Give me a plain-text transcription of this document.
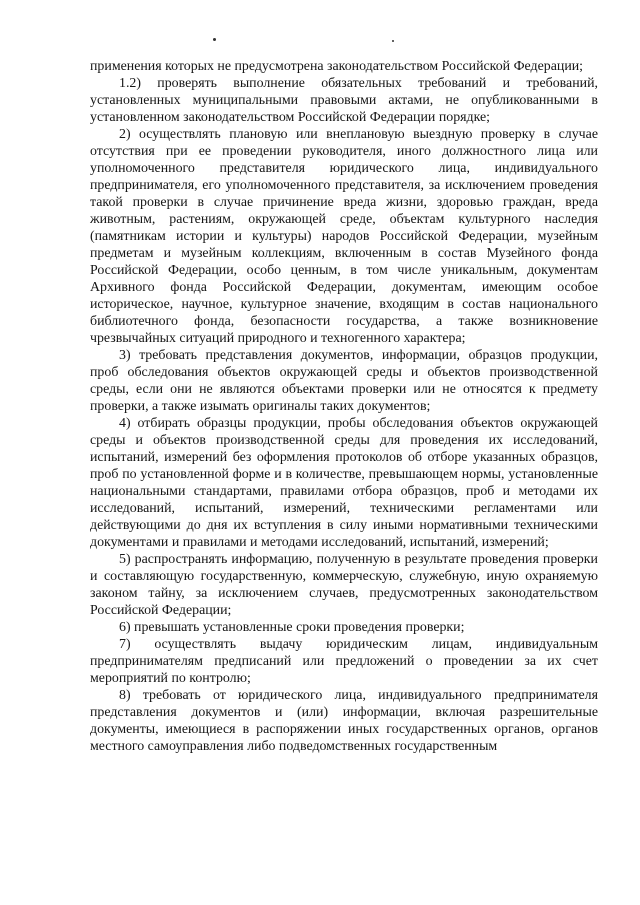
применения которых не предусмотрена законодательством Российской Федерации;

1.2) проверять выполнение обязательных требований и требований, установленных муниципальными правовыми актами, не опубликованными в установленном законодательством Российской Федерации порядке;

2) осуществлять плановую или внеплановую выездную проверку в случае отсутствия при ее проведении руководителя, иного должностного лица или уполномоченного представителя юридического лица, индивидуального предпринимателя, его уполномоченного представителя, за исключением проведения такой проверки в случае причинение вреда жизни, здоровью граждан, вреда животным, растениям, окружающей среде, объектам культурного наследия (памятникам истории и культуры) народов Российской Федерации, музейным предметам и музейным коллекциям, включенным в состав Музейного фонда Российской Федерации, особо ценным, в том числе уникальным, документам Архивного фонда Российской Федерации, документам, имеющим особое историческое, научное, культурное значение, входящим в состав национального библиотечного фонда, безопасности государства, а также возникновение чрезвычайных ситуаций природного и техногенного характера;

3) требовать представления документов, информации, образцов продукции, проб обследования объектов окружающей среды и объектов производственной среды, если они не являются объектами проверки или не относятся к предмету проверки, а также изымать оригиналы таких документов;

4) отбирать образцы продукции, пробы обследования объектов окружающей среды и объектов производственной среды для проведения их исследований, испытаний, измерений без оформления протоколов об отборе указанных образцов, проб по установленной форме и в количестве, превышающем нормы, установленные национальными стандартами, правилами отбора образцов, проб и методами их исследований, испытаний, измерений, техническими регламентами или действующими до дня их вступления в силу иными нормативными техническими документами и правилами и методами исследований, испытаний, измерений;

5) распространять информацию, полученную в результате проведения проверки и составляющую государственную, коммерческую, служебную, иную охраняемую законом тайну, за исключением случаев, предусмотренных законодательством Российской Федерации;

6) превышать установленные сроки проведения проверки;

7) осуществлять выдачу юридическим лицам, индивидуальным предпринимателям предписаний или предложений о проведении за их счет мероприятий по контролю;

8) требовать от юридического лица, индивидуального предпринимателя представления документов и (или) информации, включая разрешительные документы, имеющиеся в распоряжении иных государственных органов, органов местного самоуправления либо подведомственных государственным
